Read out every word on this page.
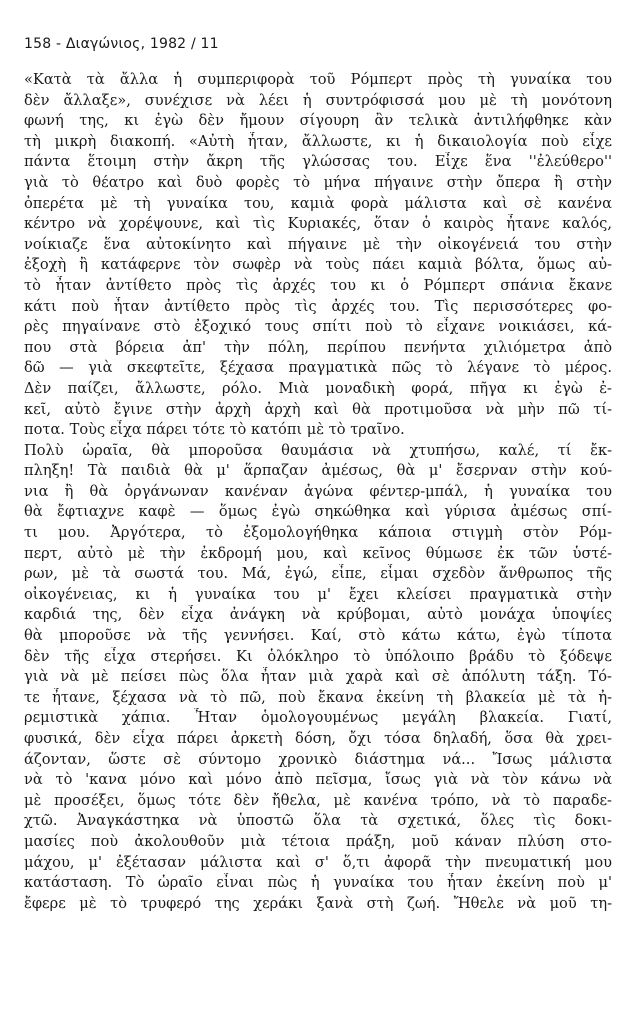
158 - Διαγώνιος, 1982 / 11
«Κατὰ τὰ ἄλλα ἡ συμπεριφορὰ τοῦ Ρόμπερτ πρὸς τὴ γυναίκα του
δὲν ἄλλαξε», συνέχισε νὰ λέει ἡ συντρόφισσά μου μὲ τὴ μονότονη
φωνή της, κι ἐγὼ δὲν ἤμουν σίγουρη ἂν τελικὰ ἀντιλήφθηκε κὰν
τὴ μικρὴ διακοπή. «Αὐτὴ ἦταν, ἄλλωστε, κι ἡ δικαιολογία ποὺ εἶχε
πάντα ἕτοιμη στὴν ἄκρη τῆς γλώσσας του. Εἶχε ἕνα ''ἐλεύθερο''
γιὰ τὸ θέατρο καὶ δυὸ φορὲς τὸ μήνα πήγαινε στὴν ὄπερα ἢ στὴν
ὀπερέτα μὲ τὴ γυναίκα του, καμιὰ φορὰ μάλιστα καὶ σὲ κανένα
κέντρο νὰ χορέψουνε, καὶ τὶς Κυριακές, ὅταν ὁ καιρὸς ἦτανε καλός,
νοίκιαζε ἕνα αὐτοκίνητο καὶ πήγαινε μὲ τὴν οἰκογένειά του στὴν
ἐξοχὴ ἢ κατάφερνε τὸν σωφὲρ νὰ τοὺς πάει καμιὰ βόλτα, ὅμως αὐ-
τὸ ἦταν ἀντίθετο πρὸς τὶς ἀρχές του κι ὁ Ρόμπερτ σπάνια ἔκανε
κάτι ποὺ ἦταν ἀντίθετο πρὸς τὶς ἀρχές του. Τὶς περισσότερες φο-
ρὲς πηγαίνανε στὸ ἐξοχικό τους σπίτι ποὺ τὸ εἶχανε νοικιάσει, κά-
που στὰ βόρεια ἀπ' τὴν πόλη, περίπου πενήντα χιλιόμετρα ἀπὸ
δῶ — γιὰ σκεφτεῖτε, ξέχασα πραγματικὰ πῶς τὸ λέγανε τὸ μέρος.
Δὲν παίζει, ἄλλωστε, ρόλο. Μιὰ μοναδικὴ φορά, πῆγα κι ἐγὼ ἐ-
κεῖ, αὐτὸ ἔγινε στὴν ἀρχὴ ἀρχὴ καὶ θὰ προτιμοῦσα νὰ μὴν πῶ τί-
ποτα. Τοὺς εἶχα πάρει τότε τὸ κατόπι μὲ τὸ τραῖνο.
Πολὺ ὡραῖα, θὰ μποροῦσα θαυμάσια νὰ χτυπήσω, καλέ, τί ἔκ-
πληξη! Τὰ παιδιὰ θὰ μ' ἅρπαζαν ἀμέσως, θὰ μ' ἔσερναν στὴν κού-
νια ἢ θὰ ὀργάνωναν κανέναν ἀγώνα φέντερ-μπάλ, ἡ γυναίκα του
θὰ ἔφτιαχνε καφὲ — ὅμως ἐγὼ σηκώθηκα καὶ γύρισα ἀμέσως σπί-
τι μου. Ἀργότερα, τὸ ἐξομολογήθηκα κάποια στιγμὴ στὸν Ρόμ-
περτ, αὐτὸ μὲ τὴν ἐκδρομή μου, καὶ κεῖνος θύμωσε ἐκ τῶν ὑστέ-
ρων, μὲ τὰ σωστά του. Μά, ἐγώ, εἶπε, εἶμαι σχεδὸν ἄνθρωπος τῆς
οἰκογένειας, κι ἡ γυναίκα του μ' ἔχει κλείσει πραγματικὰ στὴν
καρδιά της, δὲν εἶχα ἀνάγκη νὰ κρύβομαι, αὐτὸ μονάχα ὑποψίες
θὰ μποροῦσε νὰ τῆς γεννήσει. Καί, στὸ κάτω κάτω, ἐγὼ τίποτα
δὲν τῆς εἶχα στερήσει. Κι ὁλόκληρο τὸ ὑπόλοιπο βράδυ τὸ ξόδεψε
γιὰ νὰ μὲ πείσει πὼς ὅλα ἦταν μιὰ χαρὰ καὶ σὲ ἀπόλυτη τάξη. Τό-
τε ἦτανε, ξέχασα νὰ τὸ πῶ, ποὺ ἔκανα ἐκείνη τὴ βλακεία μὲ τὰ ἠ-
ρεμιστικὰ χάπια. Ἦταν ὁμολογουμένως μεγάλη βλακεία. Γιατί,
φυσικά, δὲν εἶχα πάρει ἀρκετὴ δόση, ὄχι τόσα δηλαδή, ὅσα θὰ χρει-
άζονταν, ὥστε σὲ σύντομο χρονικὸ διάστημα νά... Ἴσως μάλιστα
νὰ τὸ 'κανα μόνο καὶ μόνο ἀπὸ πεῖσμα, ἴσως γιὰ νὰ τὸν κάνω νὰ
μὲ προσέξει, ὅμως τότε δὲν ἤθελα, μὲ κανένα τρόπο, νὰ τὸ παραδε-
χτῶ. Ἀναγκάστηκα νὰ ὑποστῶ ὅλα τὰ σχετικά, ὅλες τὶς δοκι-
μασίες ποὺ ἀκολουθοῦν μιὰ τέτοια πράξη, μοῦ κάναν πλύση στο-
μάχου, μ' ἐξέτασαν μάλιστα καὶ σ' ὅ,τι ἀφορᾶ τὴν πνευματική μου
κατάσταση. Τὸ ὡραῖο εἶναι πὼς ἡ γυναίκα του ἦταν ἐκείνη ποὺ μ'
ἔφερε μὲ τὸ τρυφερό της χεράκι ξανὰ στὴ ζωή. Ἤθελε νὰ μοῦ τη-
